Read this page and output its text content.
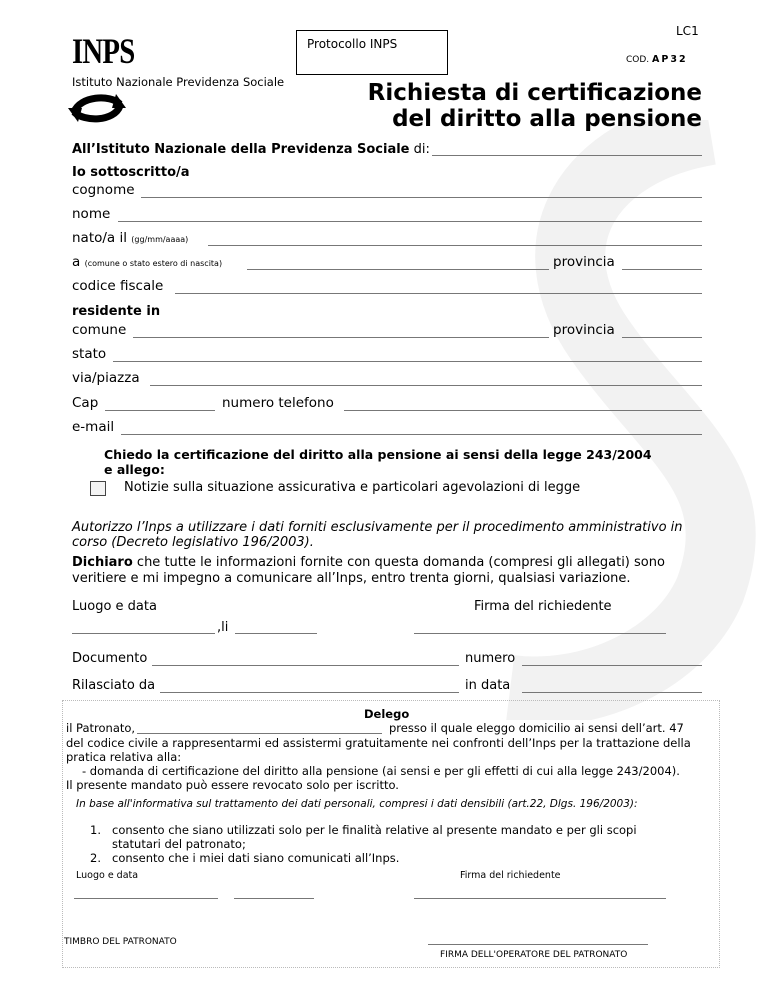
INPS
Istituto Nazionale Previdenza Sociale
Protocollo INPS
LC1
COD. AP32
Richiesta di certificazione
del diritto alla pensione
All’Istituto Nazionale della Previdenza Sociale di:
Io sottoscritto/a
cognome
nome
nato/a il (gg/mm/aaaa)
a (comune o stato estero di nascita)	provincia
codice fiscale
residente in
comune	provincia
stato
via/piazza
Cap	numero telefono
e-mail
Chiedo la certificazione del diritto alla pensione ai sensi della legge 243/2004
e allego:
Notizie sulla situazione assicurativa e particolari agevolazioni di legge
Autorizzo l’Inps a utilizzare i dati forniti esclusivamente per il procedimento amministrativo in
corso (Decreto legislativo 196/2003).
Dichiaro che tutte le informazioni fornite con questa domanda (compresi gli allegati) sono
veritiere e mi impegno a comunicare all’Inps, entro trenta giorni, qualsiasi variazione.
Luogo e data	Firma del richiedente
,li
Documento	numero
Rilasciato da	in data
Delego
il Patronato,	presso il quale eleggo domicilio ai sensi dell’art. 47
del codice civile a rappresentarmi ed assistermi gratuitamente nei confronti dell’Inps per la trattazione della
pratica relativa alla:
- domanda di certificazione del diritto alla pensione (ai sensi e per gli effetti di cui alla legge 243/2004).
Il presente mandato può essere revocato solo per iscritto.
In base all'informativa sul trattamento dei dati personali, compresi i dati densibili (art.22, Dlgs. 196/2003):
1. consento che siano utilizzati solo per le finalità relative al presente mandato e per gli scopi
statutari del patronato;
2. consento che i miei dati siano comunicati all’Inps.
Luogo e data	Firma del richiedente
TIMBRO DEL PATRONATO
FIRMA DELL'OPERATORE DEL PATRONATO
